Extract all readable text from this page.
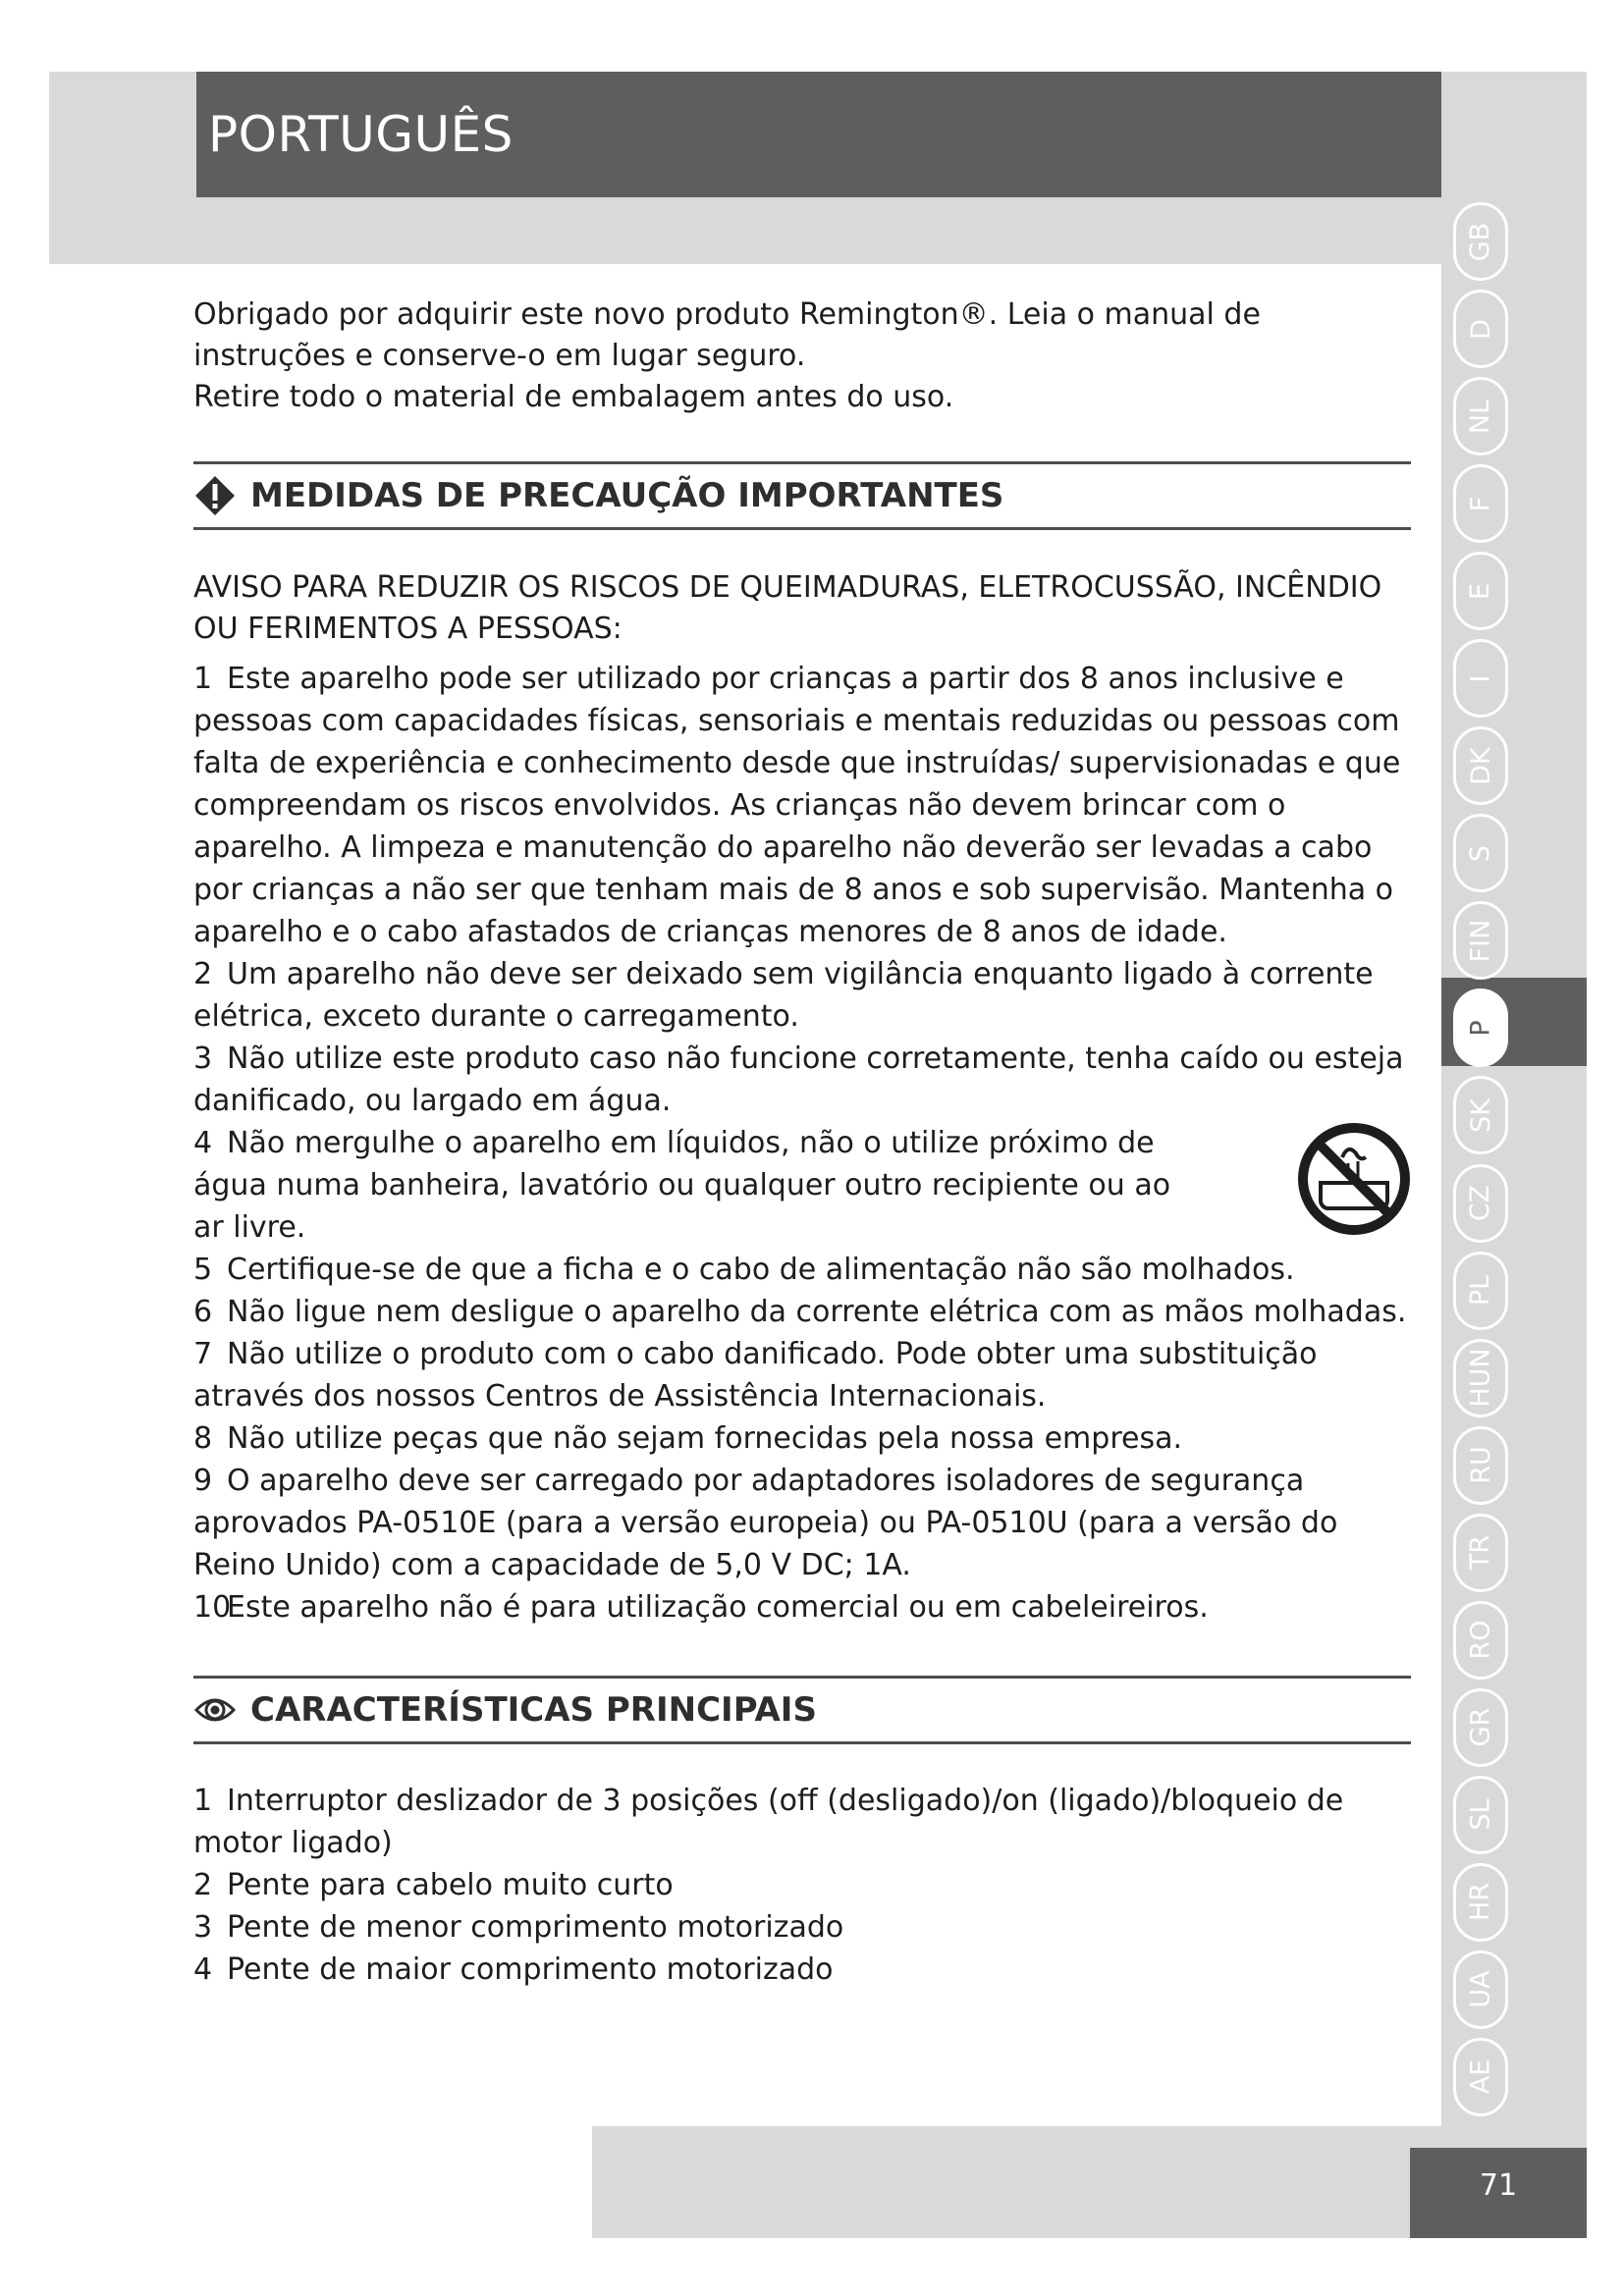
PORTUGUÊS
GB
D
NL
F
E
I
DK
S
FIN
P
SK
CZ
PL
HUN
RU
TR
RO
GR
SL
HR
UA
AE
71

Obrigado por adquirir este novo produto Remington®. Leia o manual de instruções e conserve-o em lugar seguro.

Retire todo o material de embalagem antes do uso.

MEDIDAS DE PRECAUÇÃO IMPORTANTES

AVISO PARA REDUZIR OS RISCOS DE QUEIMADURAS, ELETROCUSSÃO, INCÊNDIO OU FERIMENTOS A PESSOAS:

1 Este aparelho pode ser utilizado por crianças a partir dos 8 anos inclusive e pessoas com capacidades físicas, sensoriais e mentais reduzidas ou pessoas com falta de experiência e conhecimento desde que instruídas/ supervisionadas e que compreendam os riscos envolvidos. As crianças não devem brincar com o aparelho. A limpeza e manutenção do aparelho não deverão ser levadas a cabo por crianças a não ser que tenham mais de 8 anos e sob supervisão. Mantenha o aparelho e o cabo afastados de crianças menores de 8 anos de idade.
2 Um aparelho não deve ser deixado sem vigilância enquanto ligado à corrente elétrica, exceto durante o carregamento.
3 Não utilize este produto caso não funcione corretamente, tenha caído ou esteja danificado, ou largado em água.
4 Não mergulhe o aparelho em líquidos, não o utilize próximo de água numa banheira, lavatório ou qualquer outro recipiente ou ao ar livre.
5 Certifique-se de que a ficha e o cabo de alimentação não são molhados.
6 Não ligue nem desligue o aparelho da corrente elétrica com as mãos molhadas.
7 Não utilize o produto com o cabo danificado. Pode obter uma substituição através dos nossos Centros de Assistência Internacionais.
8 Não utilize peças que não sejam fornecidas pela nossa empresa.
9 O aparelho deve ser carregado por adaptadores isoladores de segurança aprovados PA-0510E (para a versão europeia) ou PA-0510U (para a versão do Reino Unido) com a capacidade de 5,0 V DC; 1A.
10Este aparelho não é para utilização comercial ou em cabeleireiros.
CARACTERÍSTICAS PRINCIPAIS
1 Interruptor deslizador de 3 posições (off (desligado)/on (ligado)/bloqueio de motor ligado)
2 Pente para cabelo muito curto
3 Pente de menor comprimento motorizado
4 Pente de maior comprimento motorizado
